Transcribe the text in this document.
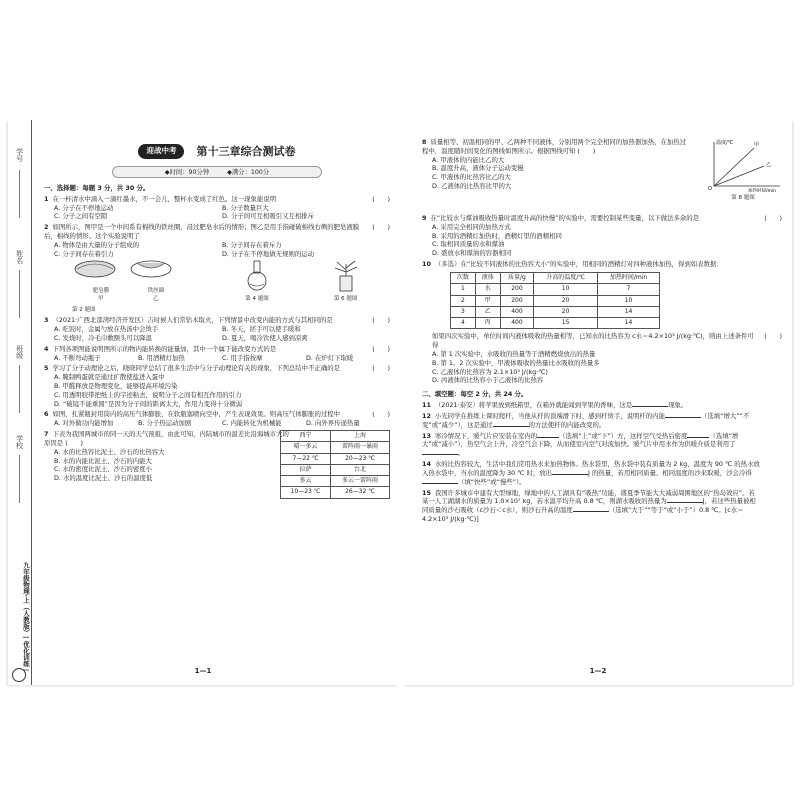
学号
姓名
班级
学校
九年级物理·上（人教版）| 优化训练 |
迎战中考 第十三章综合测试卷
◆时间：90分钟	◆满分：100分
一、选择题：每题 3 分，共 30 分。
1 在一杯清水中滴入一滴红墨水，不一会儿，整杯水变成了红色。这一现象能说明	(　　)
A. 分子在不停地运动	B. 分子数量巨大
C. 分子之间有空隙	D. 分子间可互相吸引又互相排斥
2 如图所示，图甲是一个中间系有棉线的铁丝圈，浸过肥皂水后的情形；图乙是用手指碰破棉线右侧的肥皂液膜后，棉线的情形。这个实验说明了
(　　)
A. 物体是由大量的分子组成的	B. 分子间存在着斥力
C. 分子间存在着引力	D. 分子在不停地做无规则的运动
肥皂膜	铁丝圈
甲	乙	第 4 题图	第 6 题图
第 2 题图
3 （2021·广西北部湾经济开发区）吉时候人们常钻木取火，下列情景中改变内能的方式与其相同的是	(　　)
A. 吃饭时，金属勺放在热汤中会烫手	B. 冬天，搓手可以使手暖和
C. 发烧时，冷毛巾敷额头可以降温	D. 夏天，喝冷饮使人感到凉爽
4 下列各项图能说明图所示的物内能转换的能量加，其中一个属于能改变方式的是	(　　)
A. 不断弯动瓶子	B. 用酒精灯加热	C. 用手指按摩	D. 在炉灯下取暖
5 学习了分子动理论之后，晓晓同学总结了很多生活中与分子动理论有关的现象，下列总结中不正确的是	(　　)
A. 腌制鸭蛋就是通过扩散使盐进入蛋中
B. 甲醛释放是物理变化，能够提高环境污染
C. 用透明胶带把纸上的字迹粘去，说明分子之间有相互作用的引力
D. “破镜不能重圆”是因为分子间的距离太大，作用力变得十分微弱
6 如图，扎紧瓶封用筒内的高压气体膨胀，在软瓶塞喷向空中，产生表现效果。则高压气体膨胀的过程中	(　　)
A. 对外做功内能增加	B. 分子热运动加剧	C. 内能转化为机械能	D. 向外界传递热量
7 下表为我国两城市的同一天的天气预报，由此可知，内陆城市的温差比沿海城市大的原因是 (　　)
A. 水的比热容比泥土、沙石的比热容大
B. 水的内能比泥土、沙石的内能大
C. 水的密度比泥土、沙石的密度小
D. 水的温度比泥土、沙石的温度低
西宁	上海
晴一多云	雷阵雨一暴雨
7—22 ℃	20—23 ℃
拉萨	台北
多云	多云一雷阵雨
10—23 ℃	26—32 ℃
1—1
8 质量相等、初温相同的甲、乙两种不同液体，分别用两个完全相同的加热器加热，在加热过程中，温度随时间变化的图线如图所示。根据图线可知 (　　)
A. 甲液体的内能比乙的大
B. 温度升高，液体分子运动变慢
C. 甲液体的比热容比乙的大
D. 乙液体的比热容比甲的大
温度/℃	甲
乙
O	加热时间/min
第 8 题图
9 在“比较水与煤油吸收热量时温度升高的快慢”的实验中，需要控制某些变量，以下做法多余的是	(　　)
A. 采用完全相同的加热方式
B. 采用的酒精灯加热时，酒精灯里的酒精相同
C. 取相同质量的水和煤油
D. 盛放水和煤油的容器相同
10 （多选）在“比较不同液体的比热容大小”的实验中，用相同的酒精灯对四种液体加热，得到如表数据：
次数	液体	质量/g	升高的温度/℃	加热时间/min
1	水	200	10	7
2	甲	200	20	10
3	乙	400	20	14
4	丙	400	15	14
如果四次实验中，单位时间内液体吸收的热量相等，已知水的比热容为 c水＝4.2×10³ J/(kg·℃)，则由上述条件可得
(　　)
A. 第 1 次实验中，水吸收的热量等于酒精燃烧放出的热量
B. 第 1、2 次实验中，甲液体吸收的热量比水吸收的热量多
C. 乙液体的比热容为 2.1×10³ J/(kg·℃)
D. 丙液体的比热容小于乙液体的比热容
二、填空题：每空 2 分，共 24 分。
11 （2021·泰安）将苹果放到纸箱里，在箱外就能闻到苹果的香味，这是	现象。
12 小光同学在推练上课时爬杆，当他从杆的顶端滑下时，感到杆烫手，说明杆的内能	（选填“增大”“不变”或“减少”），这是通过	的方法使杆的内能改变的。
13 寒冷情况下，暖气片应安装在室内的	（选填“上”或“下”）方，这样空气受热后密度	（选填“增大”或“减小”），热空气会上升，冷空气会下降，从而使室内空气对流加快。暖气片中用水作为供暖介质是利用了。
14 水的比热容较大，生活中我们常用热水来加热物体。热水袋里，热水袋中装有质量为 2 kg、温度为 90 ℃ 的热水放入热水袋中，当水的温度降为 30 ℃ 时，放出	J 的热量，若用相同质量、相同温度的沙来取暖，沙会冷得（填“快些”或“慢些”）。
15 我国许多城市中建有大型绿地，绿地中的人工湖具有“吸热”功能，盛夏季节能大大减弱周围地区的“热岛效应”。若某一人工湖湖水的质量为 1.0×10⁷ kg，若水温平均升高 0.8 ℃，则湖水吸收的热量为	J，若这些热量被相同质量的沙石吸收（c沙石＜c水），则沙石升高的温度	（选填“大于”“等于”或“小于”）0.8 ℃。[c水＝4.2×10³ J/(kg·℃)]
1—2
